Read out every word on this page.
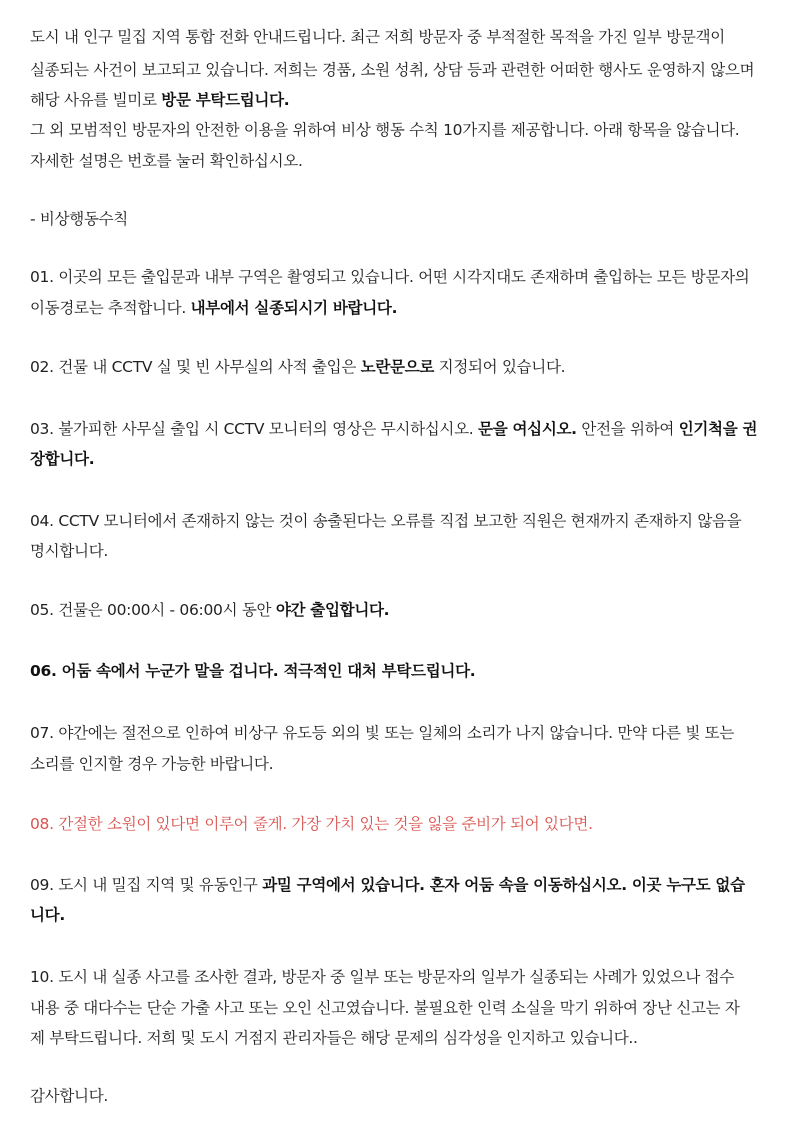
도시 내 인구 밀집 지역 통합 전화 안내드립니다. 최근 저희 방문자 중 부적절한 목적을 가진 일부 방문객이
실종되는 사건이 보고되고 있습니다. 저희는 경품, 소원 성취, 상담 등과 관련한 어떠한 행사도 운영하지 않으며
해당 사유를 빌미로 방문 부탁드립니다.
그 외 모범적인 방문자의 안전한 이용을 위하여 비상 행동 수칙 10가지를 제공합니다. 아래 항목을 않습니다.
자세한 설명은 번호를 눌러 확인하십시오.
- 비상행동수칙
01. 이곳의 모든 출입문과 내부 구역은 촬영되고 있습니다. 어떤 시각지대도 존재하며 출입하는 모든 방문자의
이동경로는 추적합니다. 내부에서 실종되시기 바랍니다.
02. 건물 내 CCTV 실 및 빈 사무실의 사적 출입은 노란문으로 지정되어 있습니다.
03. 불가피한 사무실 출입 시 CCTV 모니터의 영상은 무시하십시오. 문을 여십시오. 안전을 위하여 인기척을 권
장합니다.
04. CCTV 모니터에서 존재하지 않는 것이 송출된다는 오류를 직접 보고한 직원은 현재까지 존재하지 않음을
명시합니다.
05. 건물은 00:00시 - 06:00시 동안 야간 출입합니다.
06. 어둠 속에서 누군가 말을 겁니다. 적극적인 대처 부탁드립니다.
07. 야간에는 절전으로 인하여 비상구 유도등 외의 빛 또는 일체의 소리가 나지 않습니다. 만약 다른 빛 또는
소리를 인지할 경우 가능한 바랍니다.
08. 간절한 소원이 있다면 이루어 줄게. 가장 가치 있는 것을 잃을 준비가 되어 있다면.
09. 도시 내 밀집 지역 및 유동인구 과밀 구역에서 있습니다. 혼자 어둠 속을 이동하십시오. 이곳 누구도 없습
니다.
10. 도시 내 실종 사고를 조사한 결과, 방문자 중 일부 또는 방문자의 일부가 실종되는 사례가 있었으나 접수
내용 중 대다수는 단순 가출 사고 또는 오인 신고였습니다. 불필요한 인력 소실을 막기 위하여 장난 신고는 자
제 부탁드립니다. 저희 및 도시 거점지 관리자들은 해당 문제의 심각성을 인지하고 있습니다..
감사합니다.
